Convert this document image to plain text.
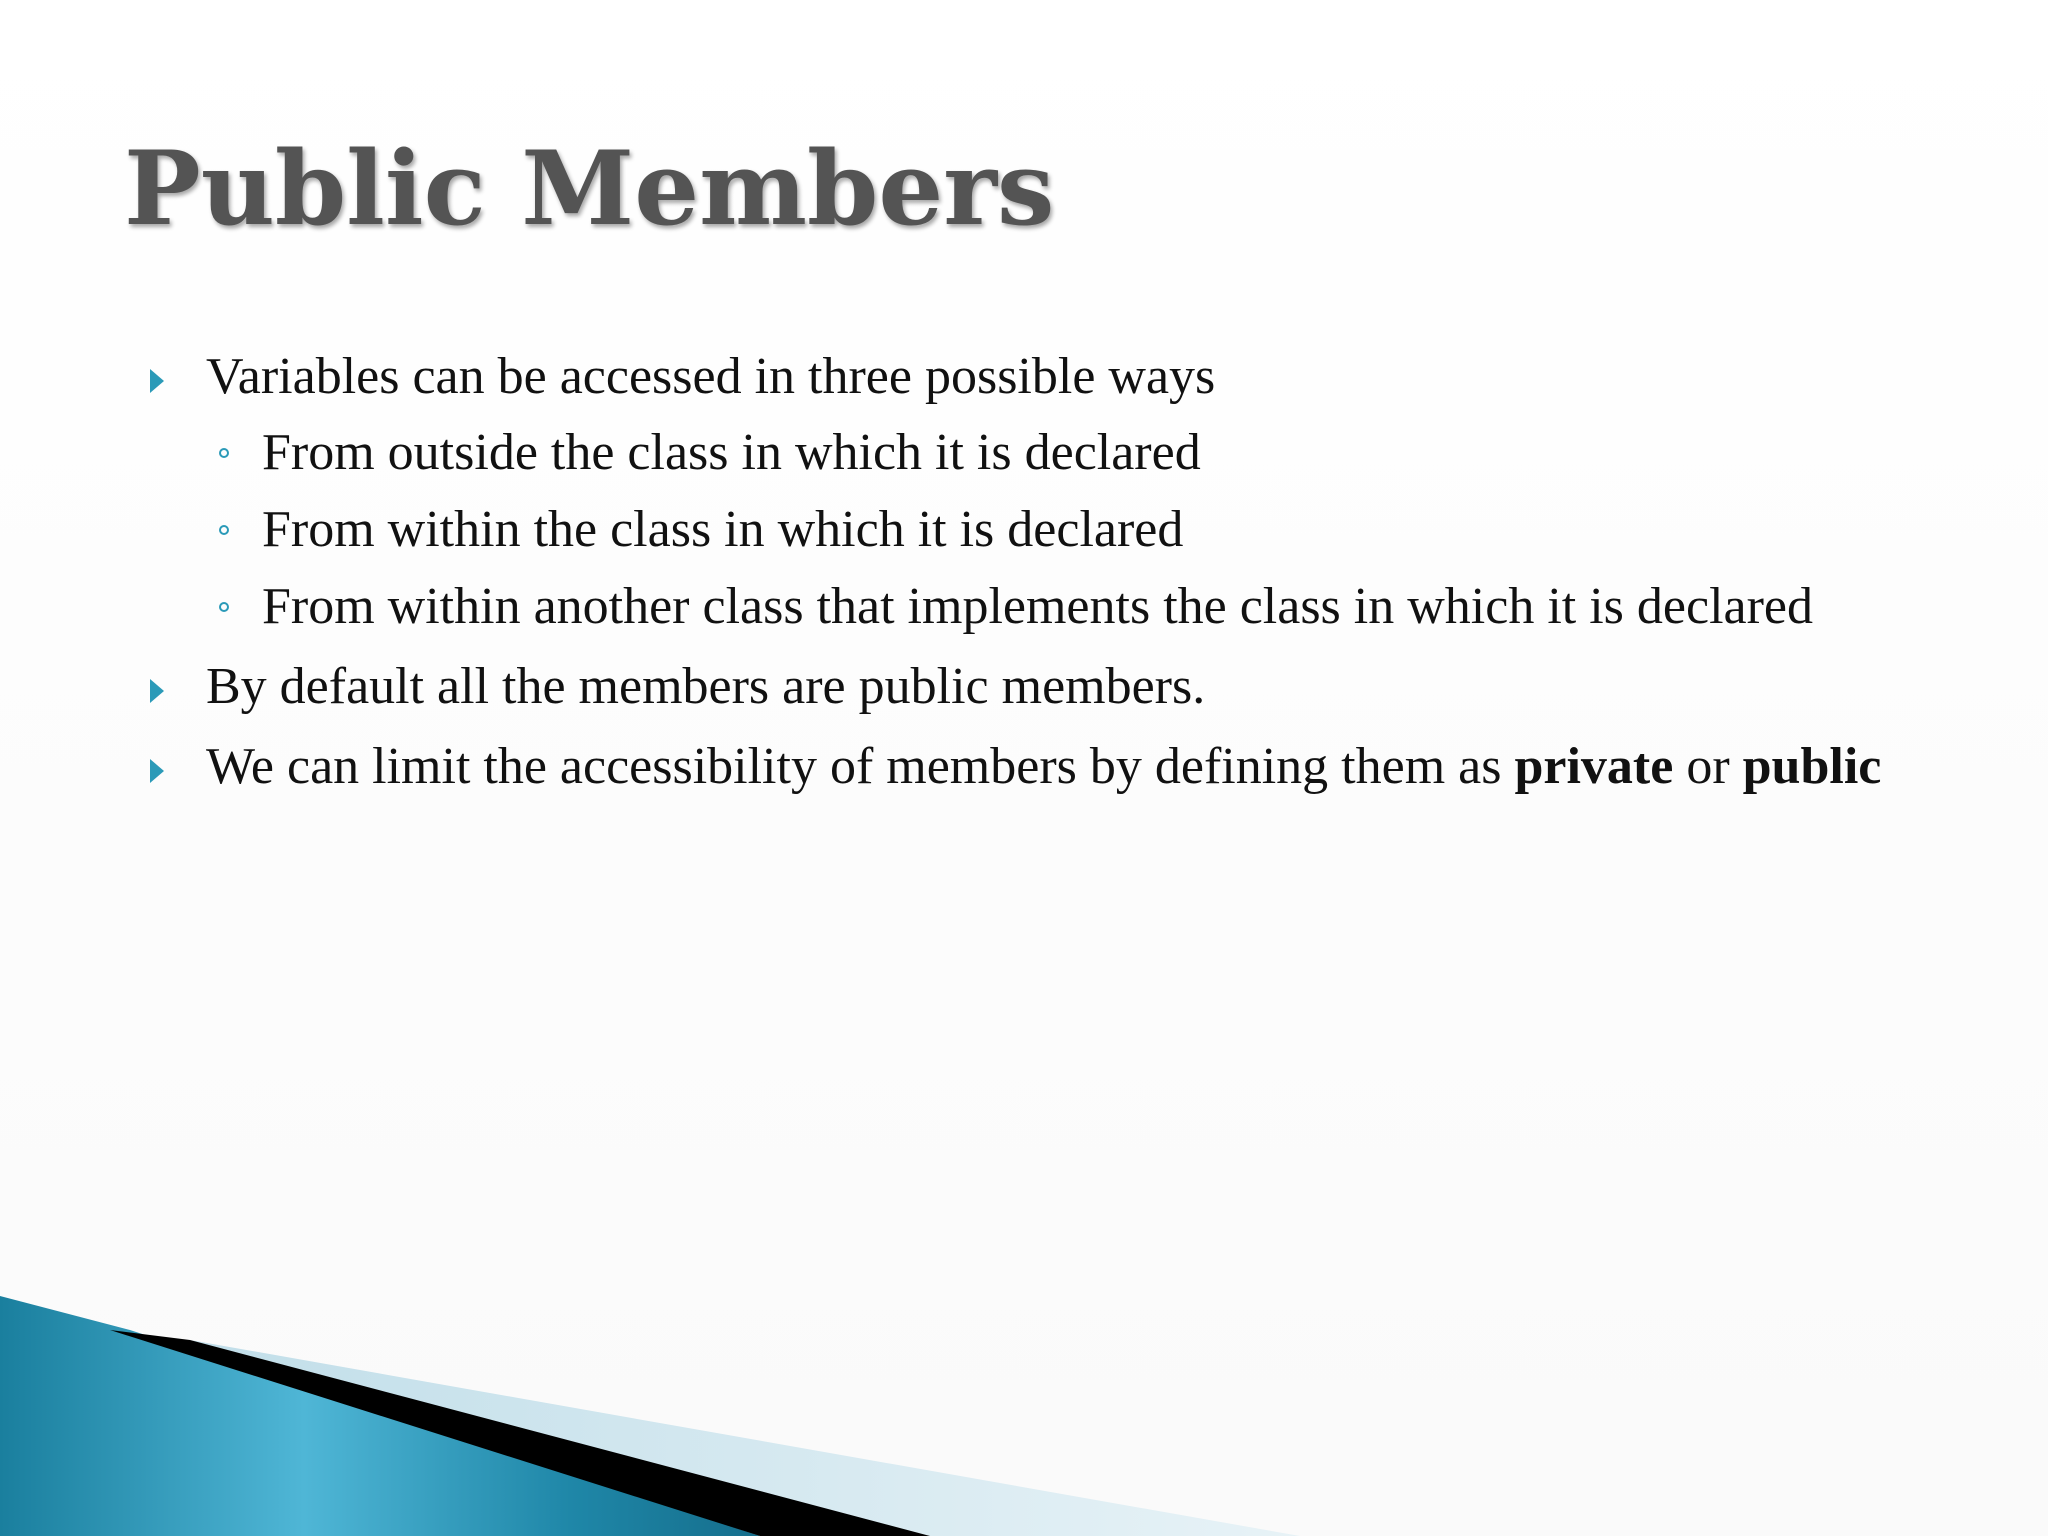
Public Members
Variables can be accessed in three possible ways
From outside the class in which it is declared
From within the class in which it is declared
From within another class that implements the class in which it is declared
By default all the members are public members.
We can limit the accessibility of members by defining them as private or public
